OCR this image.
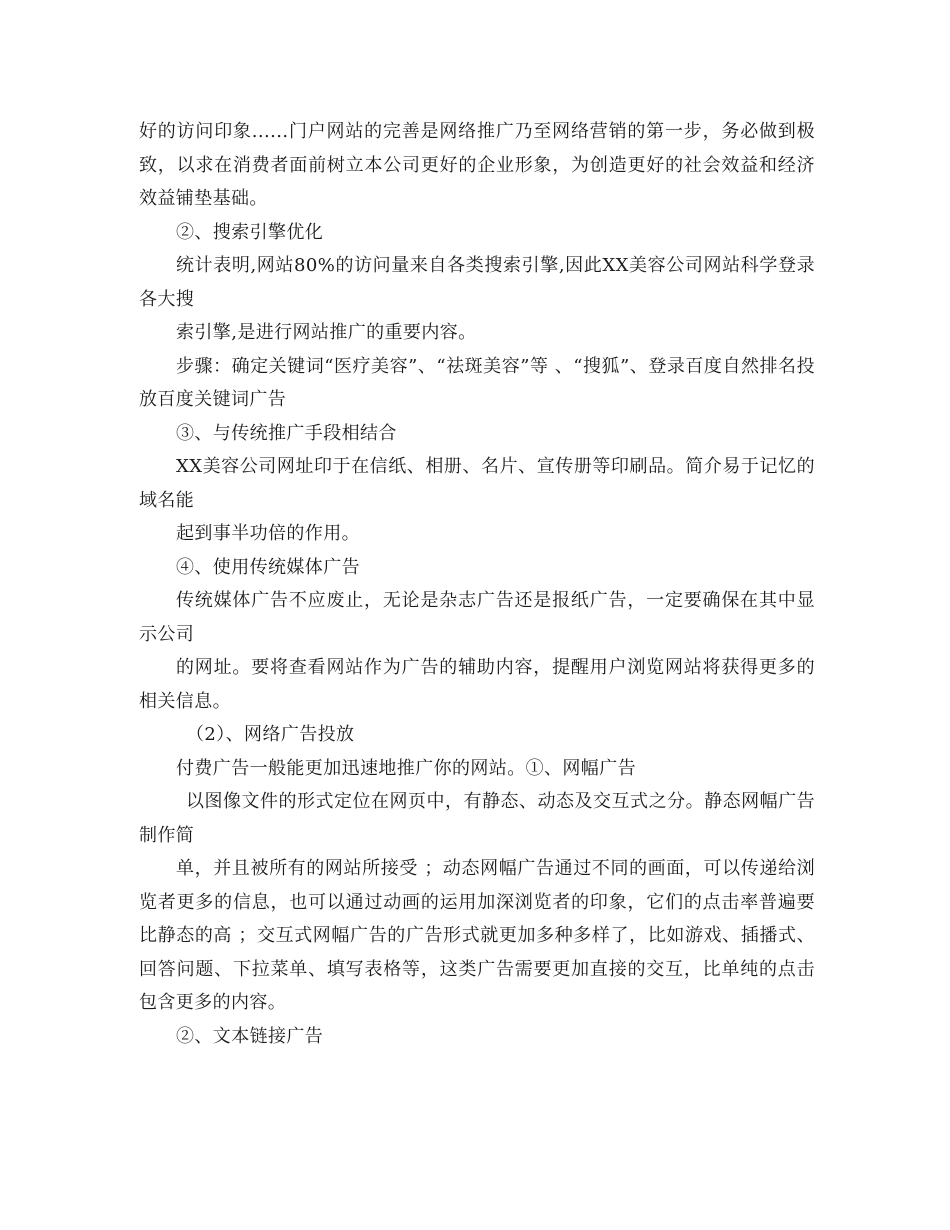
好的访问印象......门户网站的完善是网络推广乃至网络营销的第一步，务必做到极致，以求在消费者面前树立本公司更好的企业形象，为创造更好的社会效益和经济效益铺垫基础。

②、搜索引擎优化

统计表明,网站80%的访问量来自各类搜索引擎,因此XX美容公司网站科学登录各大搜

索引擎,是进行网站推广的重要内容。

步骤：确定关键词“医疗美容”、“祛斑美容”等 、“搜狐”、登录百度自然排名投放百度关键词广告

③、与传统推广手段相结合

XX美容公司网址印于在信纸、相册、名片、宣传册等印刷品。简介易于记忆的域名能

起到事半功倍的作用。

④、使用传统媒体广告

传统媒体广告不应废止，无论是杂志广告还是报纸广告，一定要确保在其中显示公司

的网址。要将查看网站作为广告的辅助内容，提醒用户浏览网站将获得更多的相关信息。

（2）、网络广告投放

付费广告一般能更加迅速地推广你的网站。①、网幅广告

以图像文件的形式定位在网页中，有静态、动态及交互式之分。静态网幅广告制作简

单，并且被所有的网站所接受 ；动态网幅广告通过不同的画面，可以传递给浏览者更多的信息，也可以通过动画的运用加深浏览者的印象，它们的点击率普遍要比静态的高 ；交互式网幅广告的广告形式就更加多种多样了，比如游戏、插播式、回答问题、下拉菜单、填写表格等，这类广告需要更加直接的交互，比单纯的点击包含更多的内容。

②、文本链接广告
